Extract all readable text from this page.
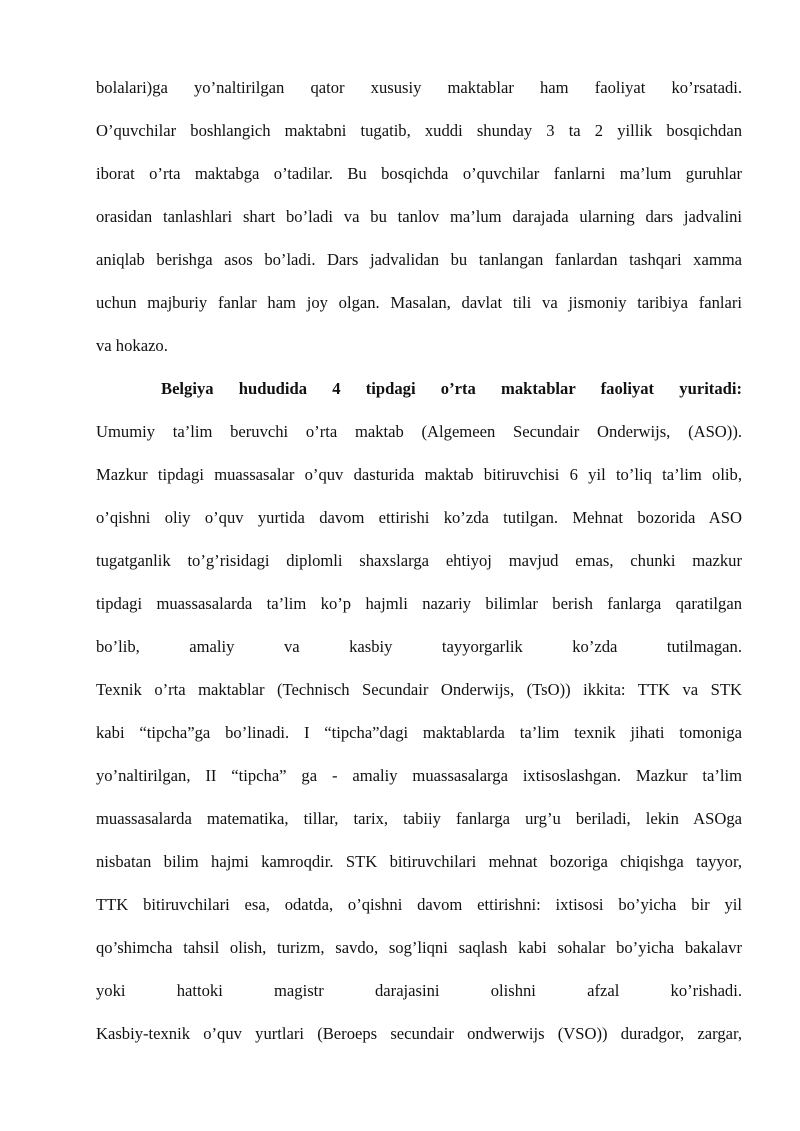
bolalari)ga yo’naltirilgan qator xususiy maktablar ham faoliyat ko’rsatadi.
O’quvchilar boshlangich maktabni tugatib, xuddi shunday 3 ta 2 yillik bosqichdan
iborat o’rta maktabga o’tadilar. Bu bosqichda o’quvchilar fanlarni ma’lum guruhlar
orasidan tanlashlari shart bo’ladi va bu tanlov ma’lum darajada ularning dars jadvalini
aniqlab berishga asos bo’ladi. Dars jadvalidan bu tanlangan fanlardan tashqari xamma
uchun majburiy fanlar ham joy olgan. Masalan, davlat tili va jismoniy taribiya fanlari
va hokazo.
Belgiya hududida 4 tipdagi o’rta maktablar faoliyat yuritadi:
Umumiy ta’lim beruvchi o’rta maktab (Algemeen Secundair Onderwijs, (ASO)).
Mazkur tipdagi muassasalar o’quv dasturida maktab bitiruvchisi 6 yil to’liq ta’lim olib,
o’qishni oliy o’quv yurtida davom ettirishi ko’zda tutilgan. Mehnat bozorida ASO
tugatganlik to’g’risidagi diplomli shaxslarga ehtiyoj mavjud emas, chunki mazkur
tipdagi muassasalarda ta’lim ko’p hajmli nazariy bilimlar berish fanlarga qaratilgan
bo’lib, amaliy va kasbiy tayyorgarlik ko’zda tutilmagan.
Texnik o’rta maktablar (Technisch Secundair Onderwijs, (TsO)) ikkita: TTK va STK
kabi “tipcha”ga bo’linadi. I “tipcha”dagi maktablarda ta’lim texnik jihati tomoniga
yo’naltirilgan, II “tipcha” ga - amaliy muassasalarga ixtisoslashgan. Mazkur ta’lim
muassasalarda matematika, tillar, tarix, tabiiy fanlarga urg’u beriladi, lekin ASOga
nisbatan bilim hajmi kamroqdir. STK bitiruvchilari mehnat bozoriga chiqishga tayyor,
TTK bitiruvchilari esa, odatda, o’qishni davom ettirishni: ixtisosi bo’yicha bir yil
qo’shimcha tahsil olish, turizm, savdo, sog’liqni saqlash kabi sohalar bo’yicha bakalavr
yoki hattoki magistr darajasini olishni afzal ko’rishadi.
Kasbiy-texnik o’quv yurtlari (Beroeps secundair ondwerwijs (VSO)) duradgor, zargar,
